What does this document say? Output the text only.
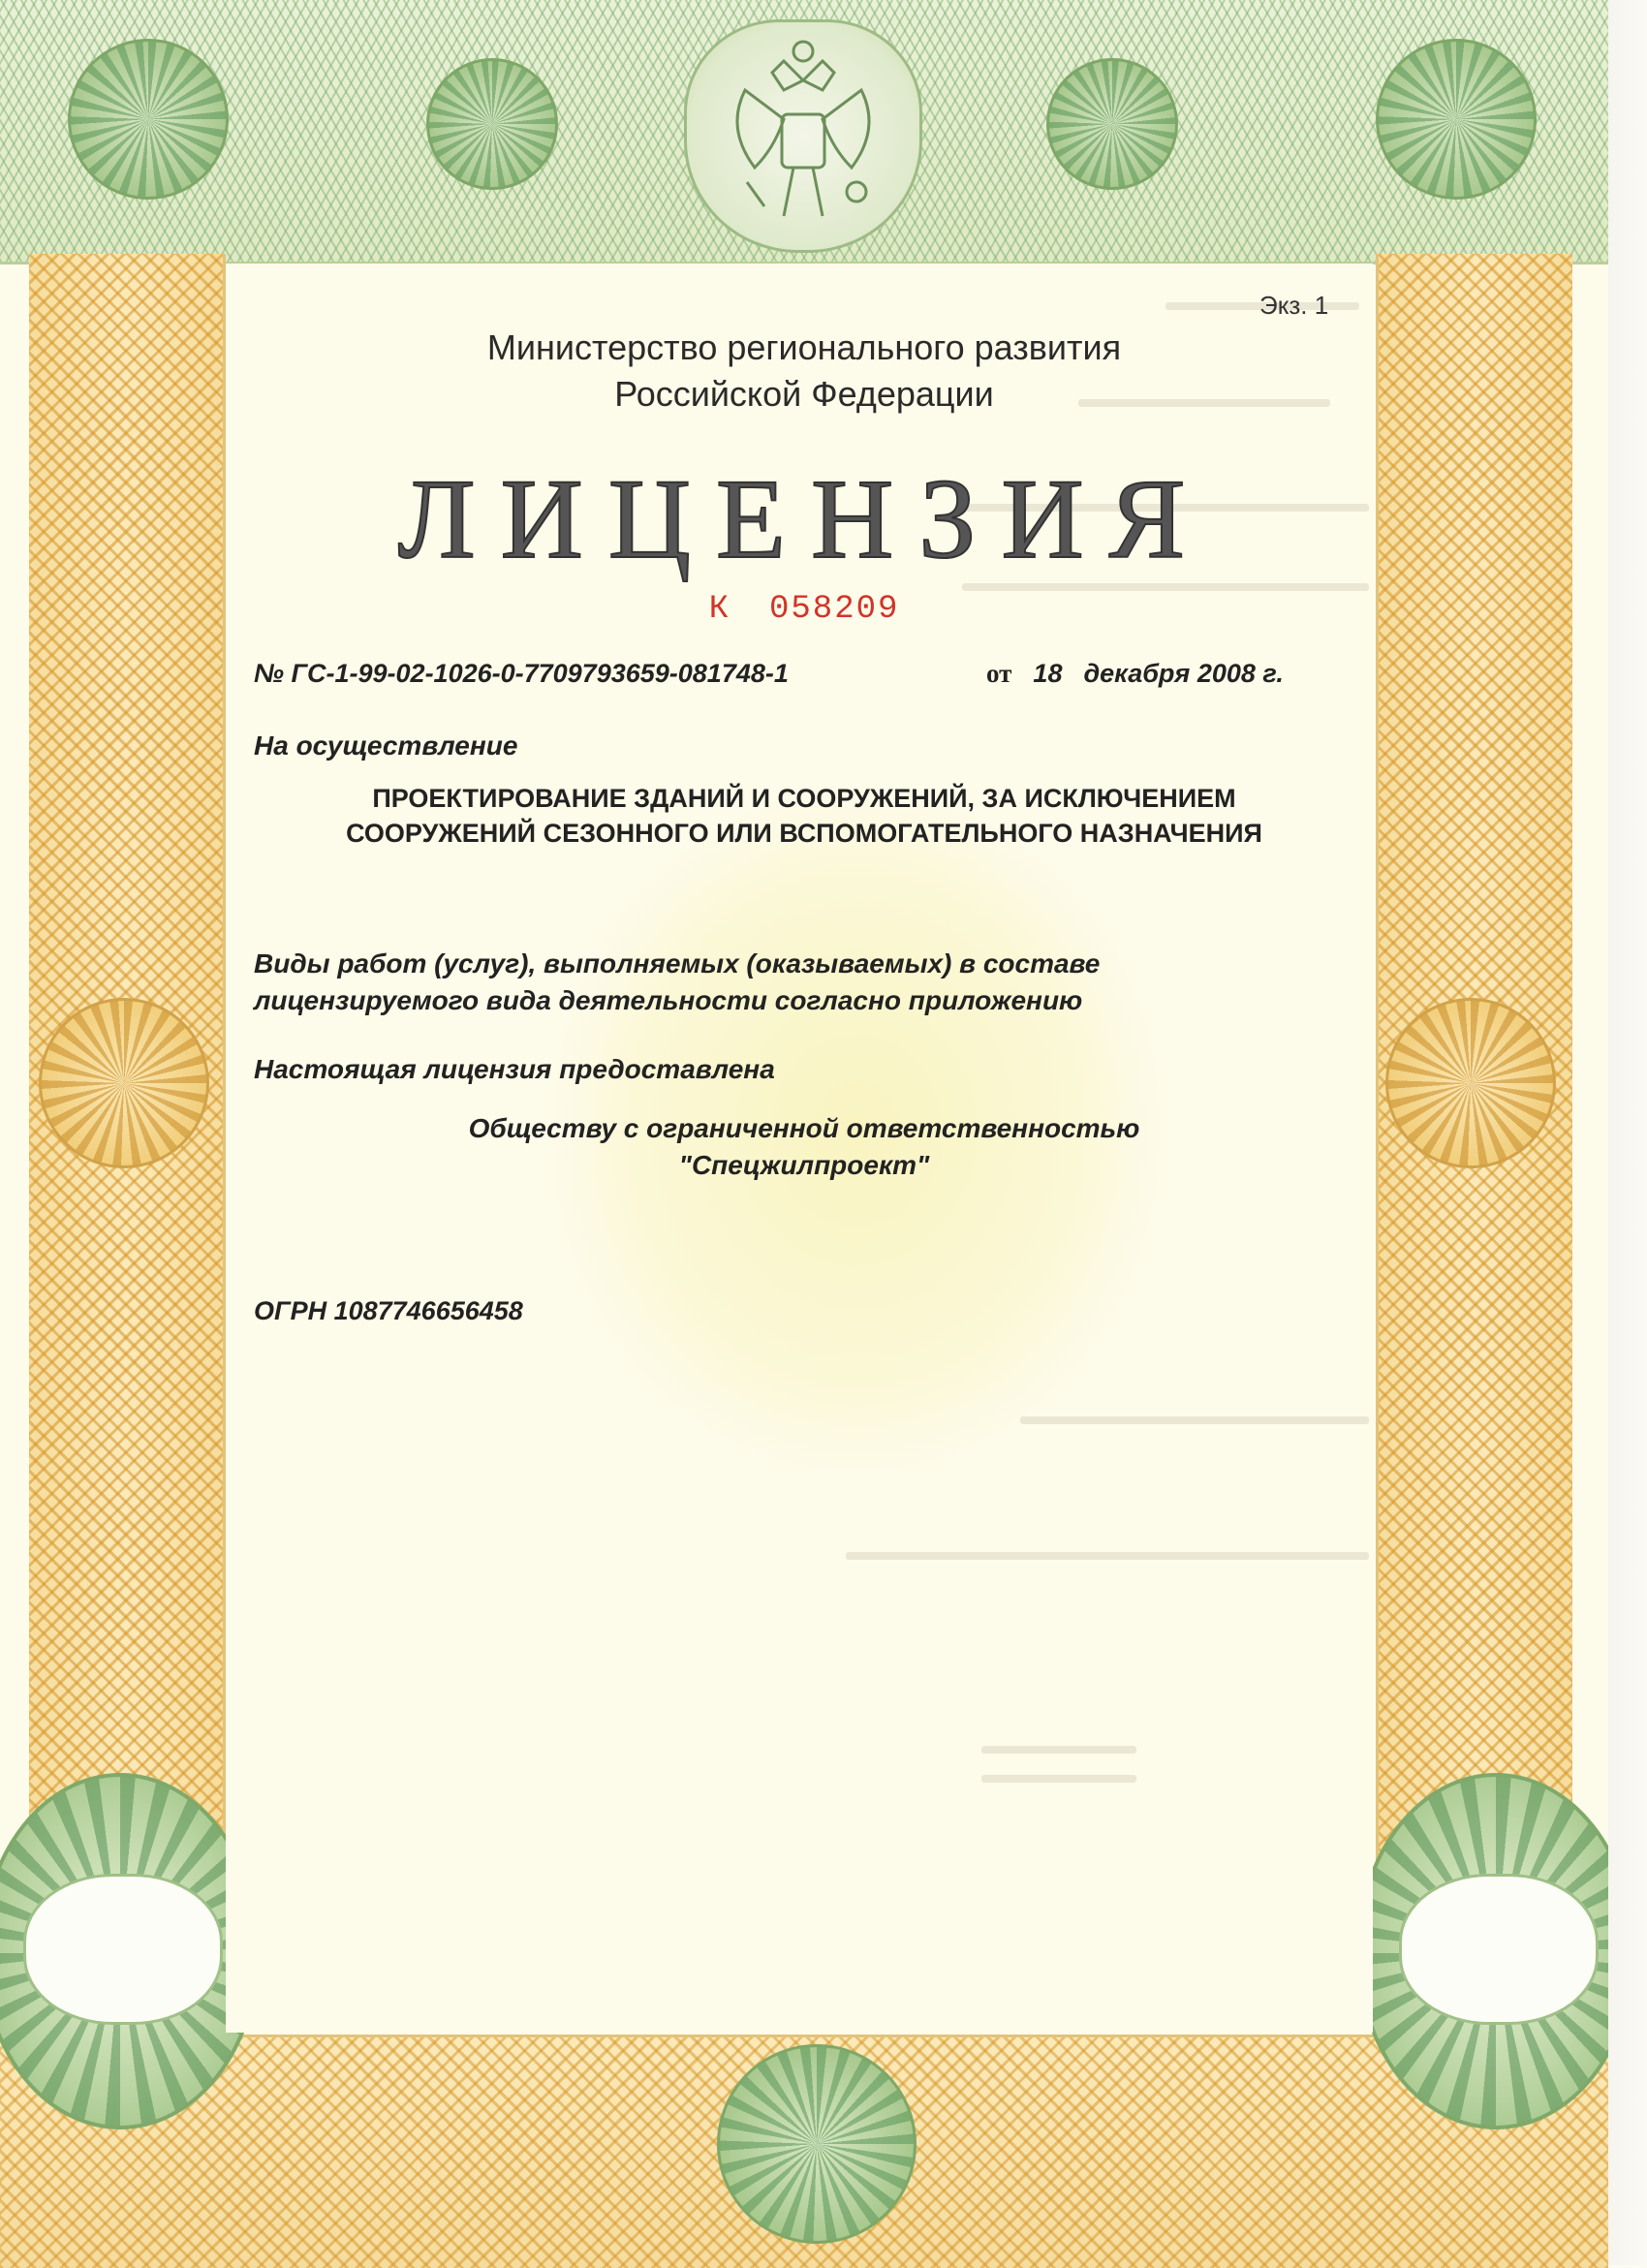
Экз. 1
Министерство регионального развития
Российской Федерации
ЛИЦЕНЗИЯ
К 058209
№ ГС-1-99-02-1026-0-7709793659-081748-1	от 18 декабря 2008 г.
На осуществление
ПРОЕКТИРОВАНИЕ ЗДАНИЙ И СООРУЖЕНИЙ, ЗА ИСКЛЮЧЕНИЕМ
СООРУЖЕНИЙ СЕЗОННОГО ИЛИ ВСПОМОГАТЕЛЬНОГО НАЗНАЧЕНИЯ
Виды работ (услуг), выполняемых (оказываемых) в составе
лицензируемого вида деятельности согласно приложению
Настоящая лицензия предоставлена
Обществу с ограниченной ответственностью
"Спецжилпроект"
ОГРН 1087746656458
